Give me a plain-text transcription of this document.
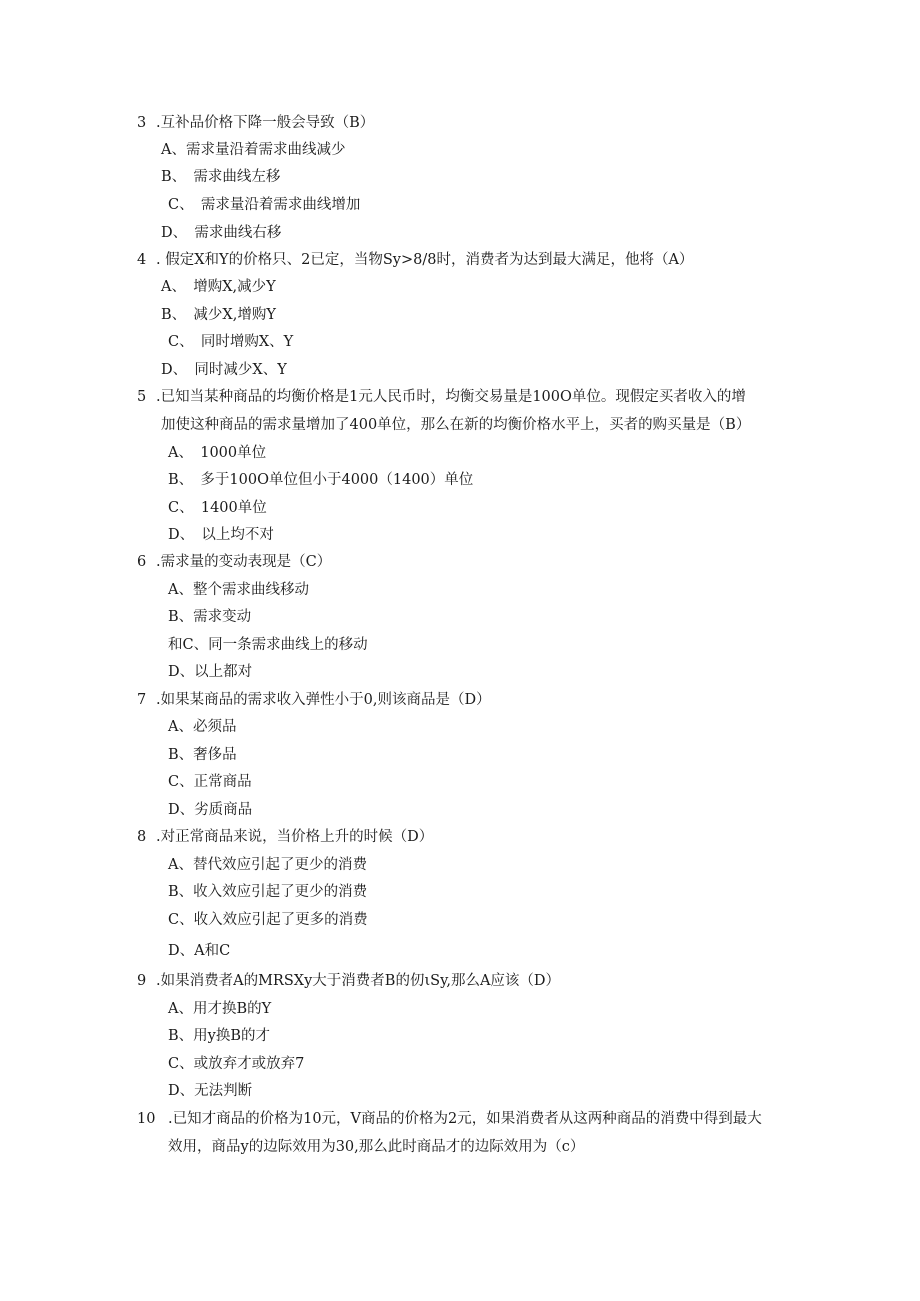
3 .互补品价格下降一般会导致（B）
A、需求量沿着需求曲线减少
B、　需求曲线左移
C、　需求量沿着需求曲线增加
D、　需求曲线右移
4 . 假定X和Y的价格只、2已定，当物Sy>8/8时，消费者为达到最大满足，他将（A）
A、　增购X,减少Y
B、　减少X,增购Y
C、　同时增购X、Y
D、　同时减少X、Y
5 .已知当某种商品的均衡价格是1元人民币时，均衡交易量是100O单位。现假定买者收入的增
加使这种商品的需求量增加了400单位，那么在新的均衡价格水平上，买者的购买量是（B）
A、　1000单位
B、　多于100O单位但小于4000（1400）单位
C、　1400单位
D、　以上均不对
6 .需求量的变动表现是（C）
A、整个需求曲线移动
B、需求变动
和C、同一条需求曲线上的移动
D、以上都对
7 .如果某商品的需求收入弹性小于0,则该商品是（D）
A、必须品
B、奢侈品
C、正常商品
D、劣质商品
8 .对正常商品来说，当价格上升的时候（D）
A、替代效应引起了更少的消费
B、收入效应引起了更少的消费
C、收入效应引起了更多的消费
D、A和C
9 .如果消费者A的MRSXy大于消费者B的仞ιSy,那么A应该（D）
A、用才换B的Y
B、用y换B的才
C、或放弃才或放弃7
D、无法判断
10 .已知才商品的价格为10元，V商品的价格为2元，如果消费者从这两种商品的消费中得到最大
效用，商品y的边际效用为30,那么此时商品才的边际效用为（c）
